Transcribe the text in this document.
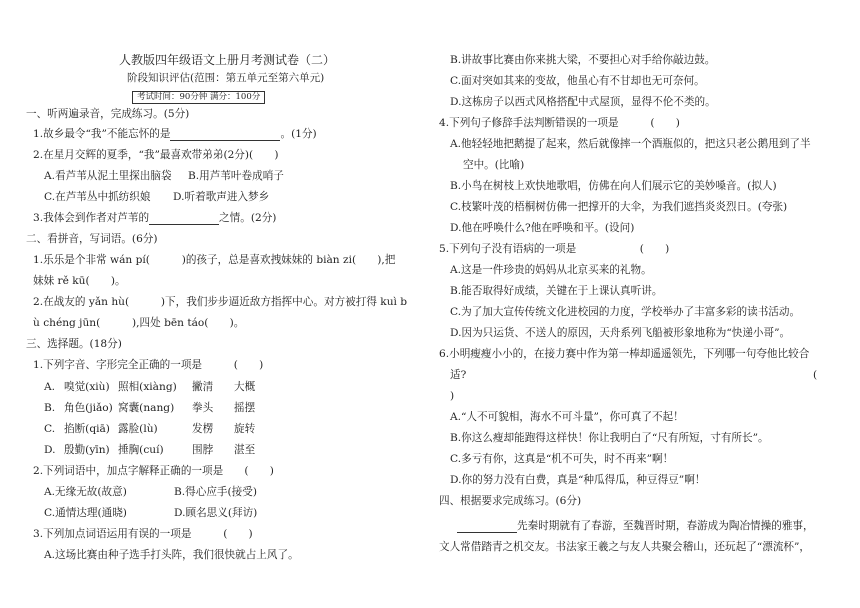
人教版四年级语文上册月考测试卷（二）
阶段知识评估(范围：第五单元至第六单元)
考试时间：90分钟 满分：100分
一、听两遍录音，完成练习。(5分)
1.故乡最令“我”不能忘怀的是	。(1分)
2.在星月交辉的夏季，“我”最喜欢带弟弟(2分)(　　)
A.看芦苇从泥土里探出脑袋 B.用芦苇叶卷成哨子
C.在芦苇丛中抓纺织娘 D.听着歌声进入梦乡
3.我体会到作者对芦苇的	之情。(2分)
二、看拼音，写词语。(6分)
1.乐乐是个非常 wán pí(　　　)的孩子，总是喜欢拽妹妹的 biàn zi(　　),把
妹妹 rě kū(　　)。
2.在战友的 yǎn hù(　　　)下，我们步步逼近敌方指挥中心。对方被打得 kuì b
ù chéng jūn(　　　),四处 bēn táo(　　)。
三、选择题。(18分)
1.下列字音、字形完全正确的一项是　　　(　　)
A. 嗅觉(xiù) 照相(xiàng) 撇清 大概
B. 角色(jiǎo) 窝囊(nang) 拳头 摇摆
C. 掐断(qiā) 露脸(lù)	发楞 旋转
D. 殷勤(yīn) 捶胸(cuí)	围脖 湛至
2.下列词语中，加点字解释正确的一项是　　(　　)
A.无缘无故(故意)	B.得心应手(接受)
C.通情达理(通晓)	D.顾名思义(拜访)
3.下列加点词语运用有误的一项是　　　(　　)
A.这场比赛由种子选手打头阵，我们很快就占上风了。
B.讲故事比赛由你来挑大梁，不要担心对手给你敲边鼓。
C.面对突如其来的变故，他虽心有不甘却也无可奈何。
D.这栋房子以西式风格搭配中式屋顶，显得不伦不类的。
4.下列句子修辞手法判断错误的一项是　　　(　　)
A.他轻轻地把鹅提了起来，然后就像摔一个酒瓶似的，把这只老公鹅甩到了半
空中。(比喻)
B.小鸟在树枝上欢快地歌唱，仿佛在向人们展示它的美妙嗓音。(拟人)
C.枝繁叶茂的梧桐树仿佛一把撑开的大伞，为我们遮挡炎炎烈日。(夸张)
D.他在呼唤什么?他在呼唤和平。(设问)
5.下列句子没有语病的一项是　　　　　　(　　)
A.这是一件珍贵的妈妈从北京买来的礼物。
B.能否取得好成绩，关键在于上课认真听讲。
C.为了加大宣传传统文化进校园的力度，学校举办了丰富多彩的读书活动。
D.因为只运货、不送人的原因，天舟系列飞船被形象地称为“快递小哥”。
6.小明瘦瘦小小的，在接力赛中作为第一棒却遥遥领先，下列哪一句夸他比较合
适?	(
)
A.“人不可貌相，海水不可斗量”，你可真了不起！
B.你这么瘦却能跑得这样快！你让我明白了“尺有所短，寸有所长”。
C.多亏有你，这真是“机不可失，时不再来”啊！
D.你的努力没有白费，真是“种瓜得瓜，种豆得豆”啊！
四、根据要求完成练习。(6分)
先秦时期就有了春游，至魏晋时期，春游成为陶冶情操的雅事，
文人常借踏青之机交友。书法家王羲之与友人共聚会稽山，还玩起了“漂流杯”，
